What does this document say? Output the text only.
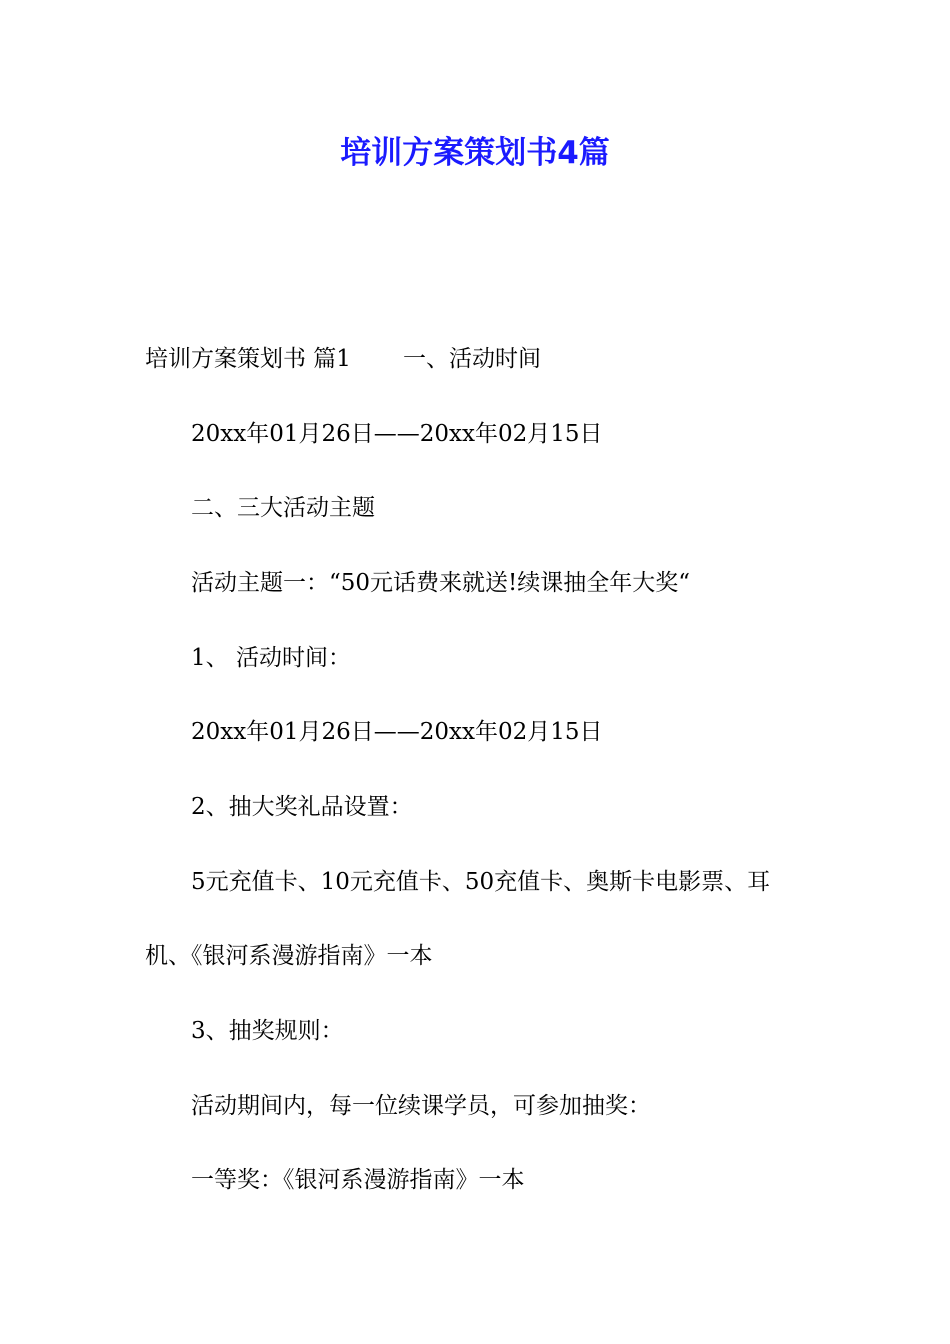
培训方案策划书4篇

培训方案策划书 篇1 一、活动时间

20xx年01月26日——20xx年02月15日

二、三大活动主题

活动主题一：“50元话费来就送!续课抽全年大奖“

1、 活动时间：

20xx年01月26日——20xx年02月15日

2、抽大奖礼品设置：

5元充值卡、10元充值卡、50充值卡、奥斯卡电影票、耳

机、《银河系漫游指南》一本

3、抽奖规则：

活动期间内，每一位续课学员，可参加抽奖：

一等奖：《银河系漫游指南》一本
